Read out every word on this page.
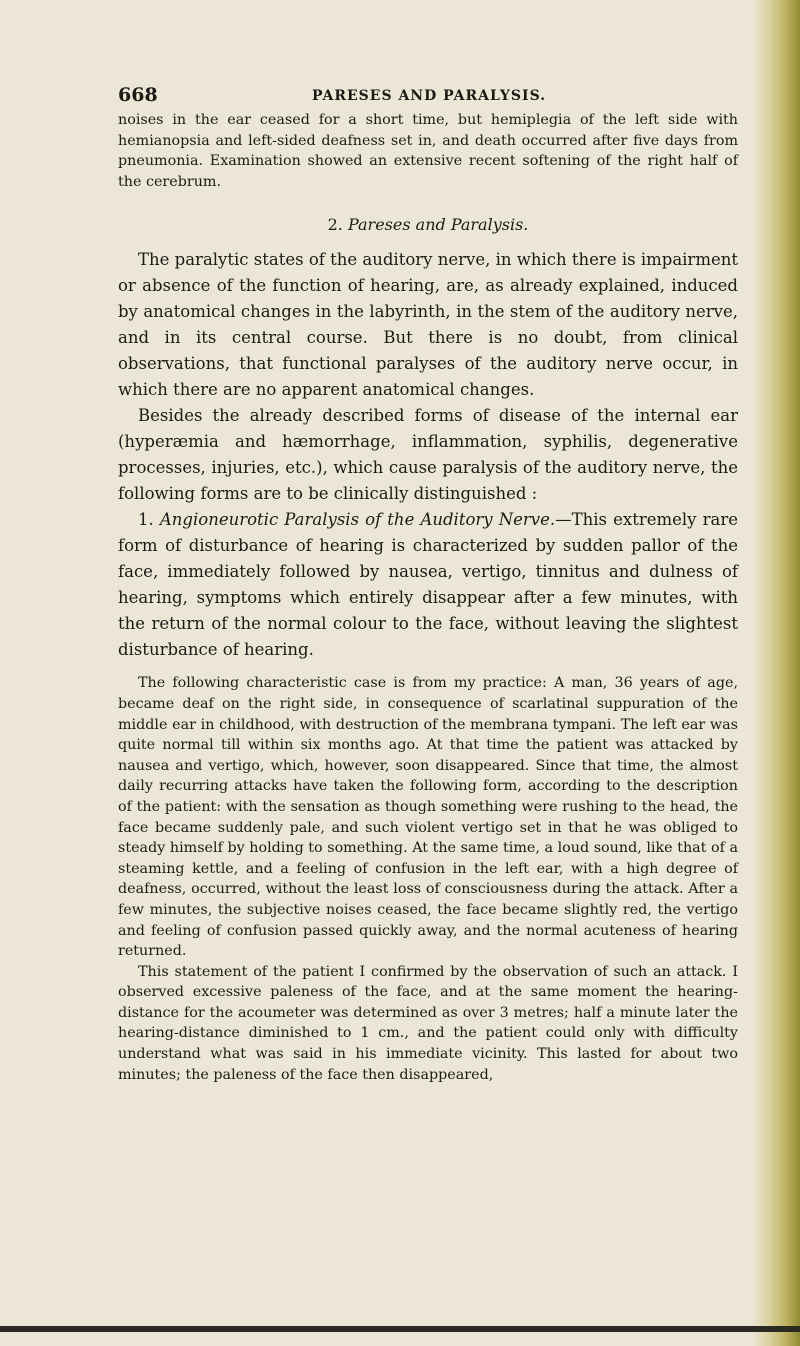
668	PARESES AND PARALYSIS.

noises in the ear ceased for a short time, but hemiplegia of the left side with hemianopsia and left-sided deafness set in, and death occurred after five days from pneumonia. Examination showed an extensive recent softening of the right half of the cerebrum.

2. Pareses and Paralysis.

The paralytic states of the auditory nerve, in which there is impairment or absence of the function of hearing, are, as already explained, induced by anatomical changes in the labyrinth, in the stem of the auditory nerve, and in its central course. But there is no doubt, from clinical observations, that functional paralyses of the auditory nerve occur, in which there are no apparent anatomical changes.

Besides the already described forms of disease of the internal ear (hyperæmia and hæmorrhage, inflammation, syphilis, degenerative processes, injuries, etc.), which cause paralysis of the auditory nerve, the following forms are to be clinically distinguished :

1. Angioneurotic Paralysis of the Auditory Nerve.—This extremely rare form of disturbance of hearing is characterized by sudden pallor of the face, immediately followed by nausea, vertigo, tinnitus and dulness of hearing, symptoms which entirely disappear after a few minutes, with the return of the normal colour to the face, without leaving the slightest disturbance of hearing.

The following characteristic case is from my practice: A man, 36 years of age, became deaf on the right side, in consequence of scarlatinal suppuration of the middle ear in childhood, with destruction of the membrana tympani. The left ear was quite normal till within six months ago. At that time the patient was attacked by nausea and vertigo, which, however, soon disappeared. Since that time, the almost daily recurring attacks have taken the following form, according to the description of the patient: with the sensation as though something were rushing to the head, the face became suddenly pale, and such violent vertigo set in that he was obliged to steady himself by holding to something. At the same time, a loud sound, like that of a steaming kettle, and a feeling of confusion in the left ear, with a high degree of deafness, occurred, without the least loss of consciousness during the attack. After a few minutes, the subjective noises ceased, the face became slightly red, the vertigo and feeling of confusion passed quickly away, and the normal acuteness of hearing returned.

This statement of the patient I confirmed by the observation of such an attack. I observed excessive paleness of the face, and at the same moment the hearing-distance for the acoumeter was determined as over 3 metres; half a minute later the hearing-distance diminished to 1 cm., and the patient could only with difficulty understand what was said in his immediate vicinity. This lasted for about two minutes; the paleness of the face then disappeared,
